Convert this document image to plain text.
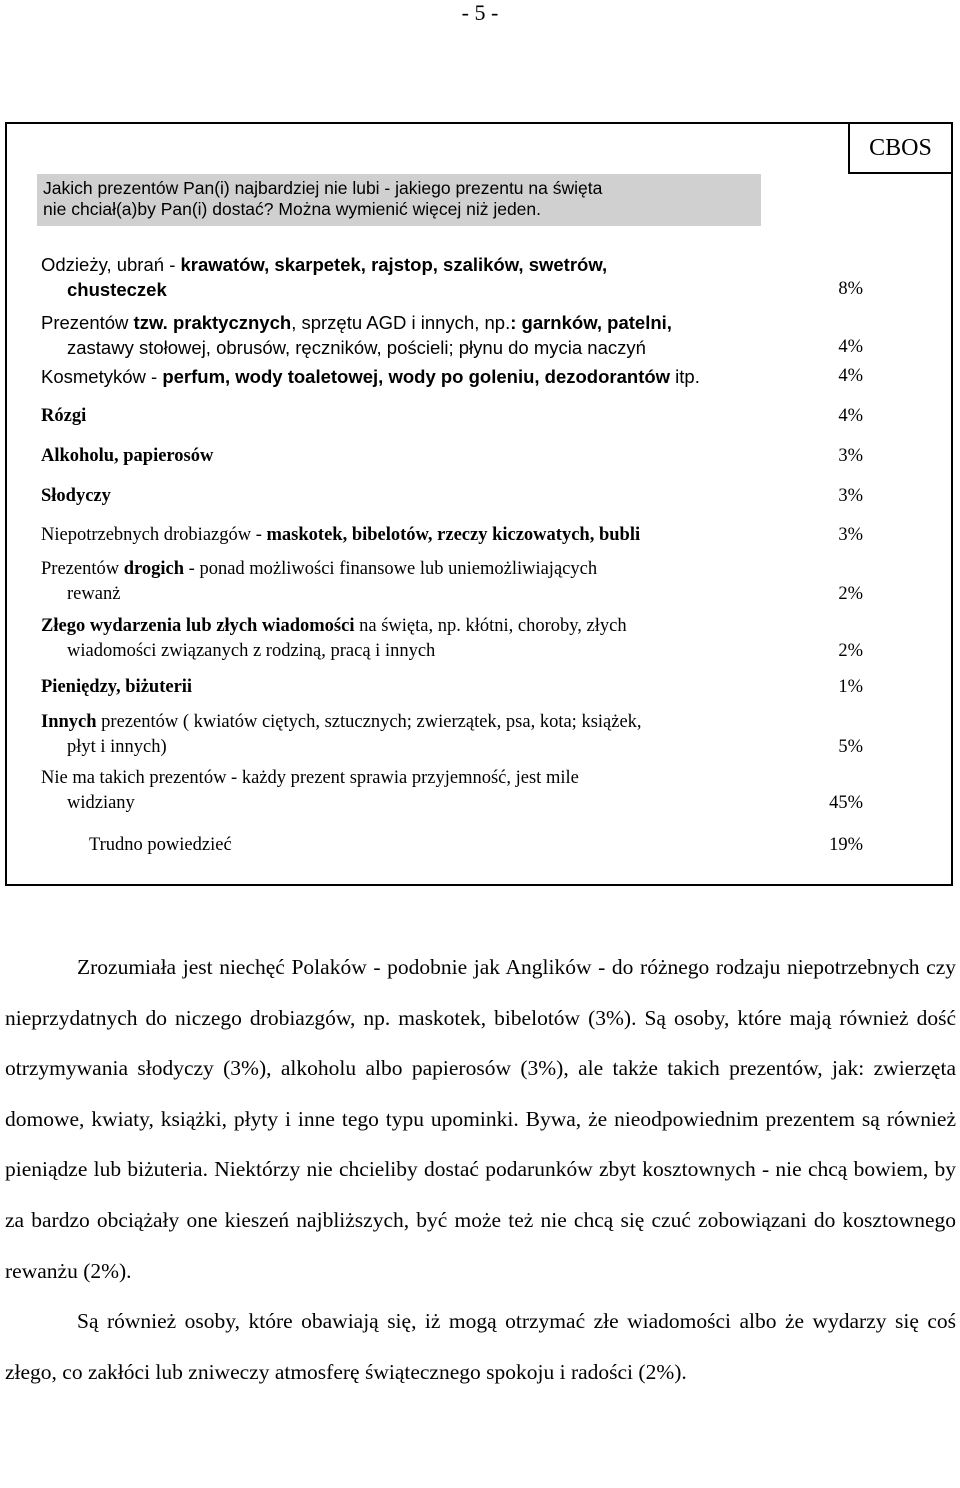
- 5 -
CBOS
Jakich prezentów Pan(i) najbardziej nie lubi - jakiego prezentu na święta
nie chciał(a)by Pan(i) dostać? Można wymienić więcej niż jeden.
Odzieży, ubrań - krawatów, skarpetek, rajstop, szalików, swetrów,
chusteczek	8%
Prezentów tzw. praktycznych, sprzętu AGD i innych, np.: garnków, patelni,
zastawy stołowej, obrusów, ręczników, pościeli; płynu do mycia naczyń	4%
Kosmetyków - perfum, wody toaletowej, wody po goleniu, dezodorantów itp.	4%
Rózgi	4%
Alkoholu, papierosów	3%
Słodyczy	3%
Niepotrzebnych drobiazgów - maskotek, bibelotów, rzeczy kiczowatych, bubli	3%
Prezentów drogich - ponad możliwości finansowe lub uniemożliwiających
rewanż	2%
Złego wydarzenia lub złych wiadomości na święta, np. kłótni, choroby, złych
wiadomości związanych z rodziną, pracą i innych	2%
Pieniędzy, biżuterii	1%
Innych prezentów ( kwiatów ciętych, sztucznych; zwierzątek, psa, kota; książek,
płyt i innych)	5%
Nie ma takich prezentów - każdy prezent sprawia przyjemność, jest mile
widziany	45%
Trudno powiedzieć	19%

Zrozumiała jest niechęć Polaków - podobnie jak Anglików - do różnego rodzaju niepotrzebnych czy nieprzydatnych do niczego drobiazgów, np. maskotek, bibelotów (3%). Są osoby, które mają również dość otrzymywania słodyczy (3%), alkoholu albo papierosów (3%), ale także takich prezentów, jak: zwierzęta domowe, kwiaty, książki, płyty i inne tego typu upominki. Bywa, że nieodpowiednim prezentem są również pieniądze lub biżuteria. Niektórzy nie chcieliby dostać podarunków zbyt kosztownych - nie chcą bowiem, by za bardzo obciążały one kieszeń najbliższych, być może też nie chcą się czuć zobowiązani do kosztownego rewanżu (2%).

Są również osoby, które obawiają się, iż mogą otrzymać złe wiadomości albo że wydarzy się coś złego, co zakłóci lub zniweczy atmosferę świątecznego spokoju i radości (2%).
